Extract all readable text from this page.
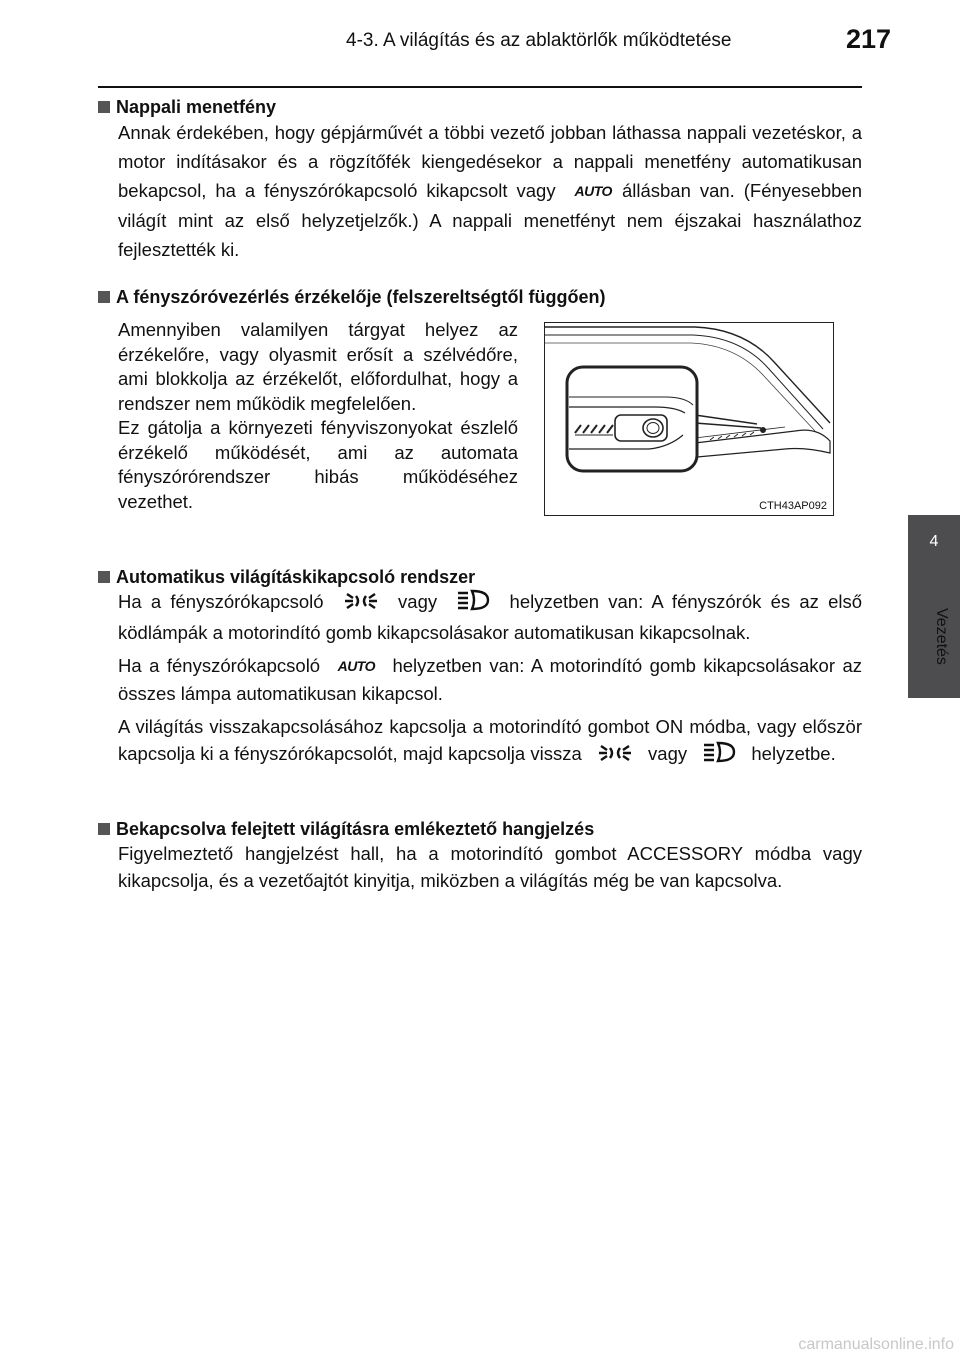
4-3. A világítás és az ablaktörlők működtetése	217
4
Vezetés
Nappali menetfény
Annak érdekében, hogy gépjárművét a többi vezető jobban láthassa nappali vezetéskor, a motor indításakor és a rögzítőfék kiengedésekor a nappali menetfény automatikusan bekapcsol, ha a fényszórókapcsoló kikapcsolt vagy AUTO állásban van. (Fényesebben világít mint az első helyzetjelzők.) A nappali menetfényt nem éjszakai használathoz fejlesztették ki.
A fényszóróvezérlés érzékelője (felszereltségtől függően)
Amennyiben valamilyen tárgyat helyez az érzékelőre, vagy olyasmit erősít a szélvédőre, ami blokkolja az érzékelőt, előfordulhat, hogy a rendszer nem működik megfelelően.
Ez gátolja a környezeti fényviszonyokat észlelő érzékelő működését, ami az automata fényszórórendszer hibás működéséhez vezethet.	CTH43AP092
Automatikus világításkikapcsoló rendszer
Ha a fényszórókapcsoló	vagy	helyzetben van: A fényszórók és az első ködlámpák a motorindító gomb kikapcsolásakor automatikusan kikapcsolnak.
Ha a fényszórókapcsoló AUTO helyzetben van: A motorindító gomb kikapcsolásakor az összes lámpa automatikusan kikapcsol.
A világítás visszakapcsolásához kapcsolja a motorindító gombot ON módba, vagy először kapcsolja ki a fényszórókapcsolót, majd kapcsolja vissza	vagy	helyzetbe.
Bekapcsolva felejtett világításra emlékeztető hangjelzés
Figyelmeztető hangjelzést hall, ha a motorindító gombot ACCESSORY módba vagy kikapcsolja, és a vezetőajtót kinyitja, miközben a világítás még be van kapcsolva.
carmanualsonline.info
